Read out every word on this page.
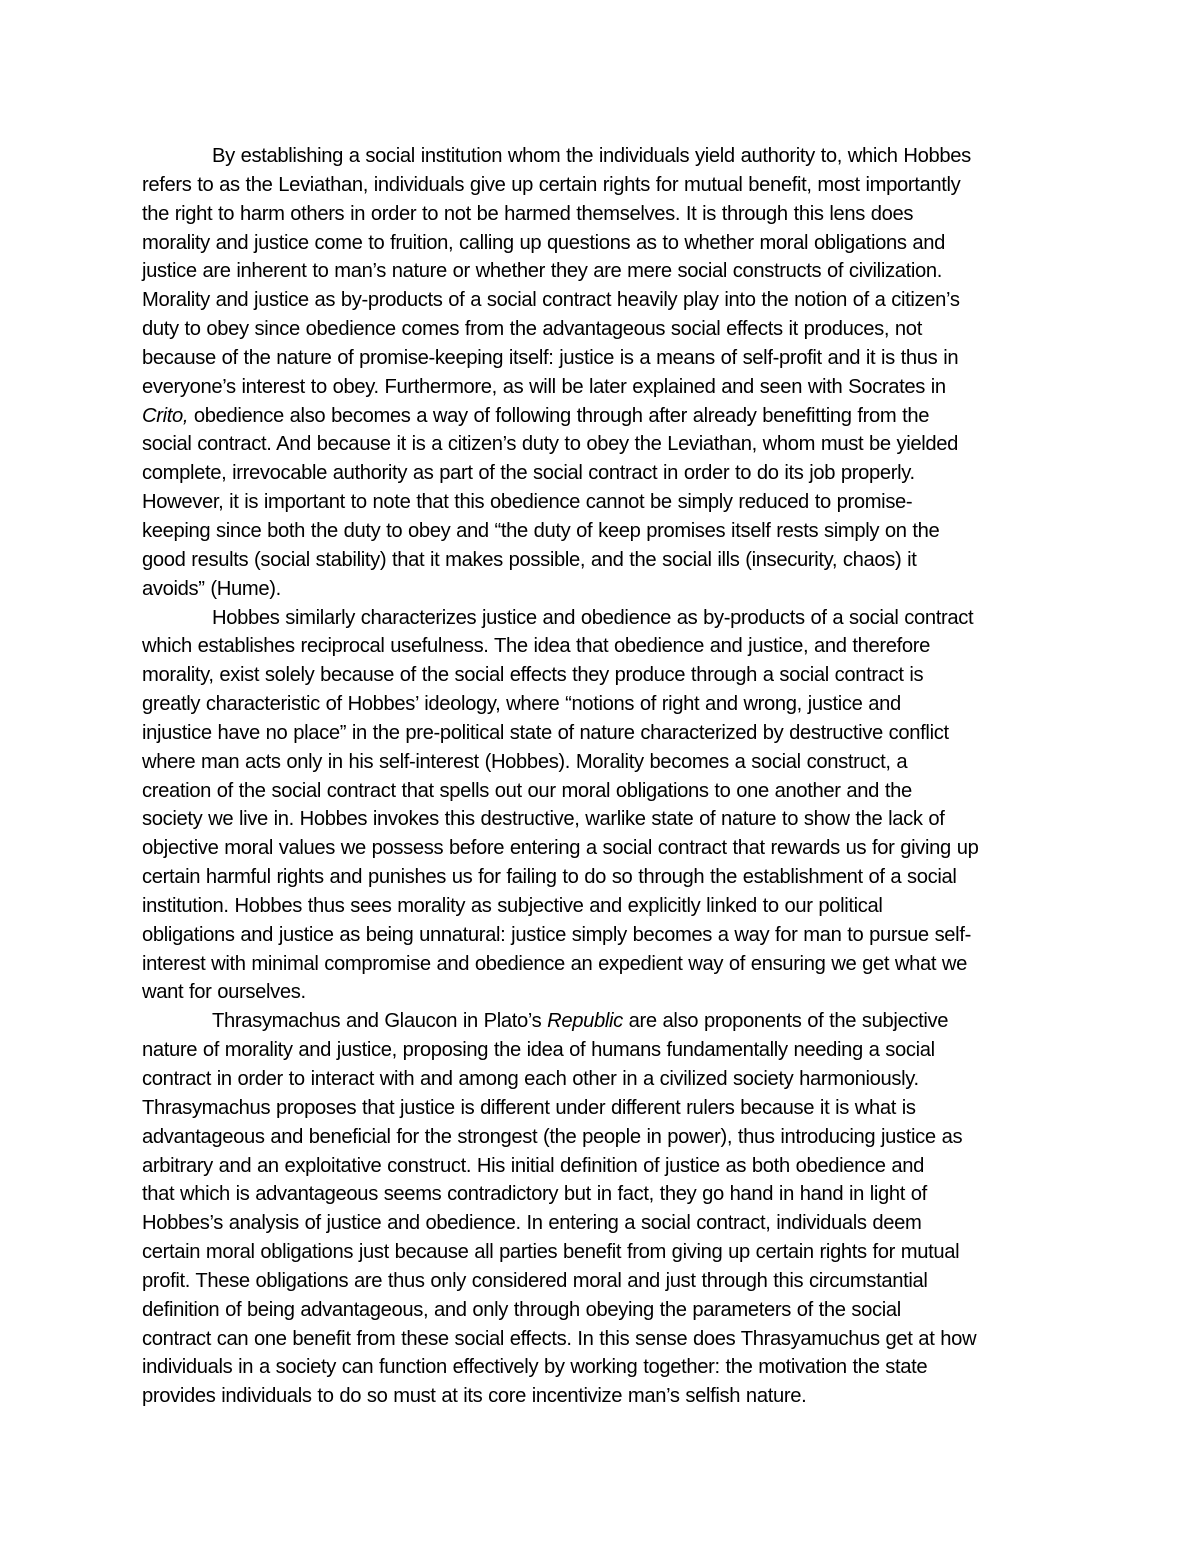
By establishing a social institution whom the individuals yield authority to, which Hobbes
refers to as the Leviathan, individuals give up certain rights for mutual benefit, most importantly
the right to harm others in order to not be harmed themselves. It is through this lens does
morality and justice come to fruition, calling up questions as to whether moral obligations and
justice are inherent to man’s nature or whether they are mere social constructs of civilization.
Morality and justice as by-products of a social contract heavily play into the notion of a citizen’s
duty to obey since obedience comes from the advantageous social effects it produces, not
because of the nature of promise-keeping itself: justice is a means of self-profit and it is thus in
everyone’s interest to obey. Furthermore, as will be later explained and seen with Socrates in
Crito, obedience also becomes a way of following through after already benefitting from the
social contract. And because it is a citizen’s duty to obey the Leviathan, whom must be yielded
complete, irrevocable authority as part of the social contract in order to do its job properly.
However, it is important to note that this obedience cannot be simply reduced to promise-
keeping since both the duty to obey and “the duty of keep promises itself rests simply on the
good results (social stability) that it makes possible, and the social ills (insecurity, chaos) it
avoids” (Hume).
Hobbes similarly characterizes justice and obedience as by-products of a social contract
which establishes reciprocal usefulness. The idea that obedience and justice, and therefore
morality, exist solely because of the social effects they produce through a social contract is
greatly characteristic of Hobbes’ ideology, where “notions of right and wrong, justice and
injustice have no place” in the pre-political state of nature characterized by destructive conflict
where man acts only in his self-interest (Hobbes). Morality becomes a social construct, a
creation of the social contract that spells out our moral obligations to one another and the
society we live in. Hobbes invokes this destructive, warlike state of nature to show the lack of
objective moral values we possess before entering a social contract that rewards us for giving up
certain harmful rights and punishes us for failing to do so through the establishment of a social
institution. Hobbes thus sees morality as subjective and explicitly linked to our political
obligations and justice as being unnatural: justice simply becomes a way for man to pursue self-
interest with minimal compromise and obedience an expedient way of ensuring we get what we
want for ourselves.
Thrasymachus and Glaucon in Plato’s Republic are also proponents of the subjective
nature of morality and justice, proposing the idea of humans fundamentally needing a social
contract in order to interact with and among each other in a civilized society harmoniously.
Thrasymachus proposes that justice is different under different rulers because it is what is
advantageous and beneficial for the strongest (the people in power), thus introducing justice as
arbitrary and an exploitative construct. His initial definition of justice as both obedience and
that which is advantageous seems contradictory but in fact, they go hand in hand in light of
Hobbes’s analysis of justice and obedience. In entering a social contract, individuals deem
certain moral obligations just because all parties benefit from giving up certain rights for mutual
profit. These obligations are thus only considered moral and just through this circumstantial
definition of being advantageous, and only through obeying the parameters of the social
contract can one benefit from these social effects. In this sense does Thrasyamuchus get at how
individuals in a society can function effectively by working together: the motivation the state
provides individuals to do so must at its core incentivize man’s selfish nature.
